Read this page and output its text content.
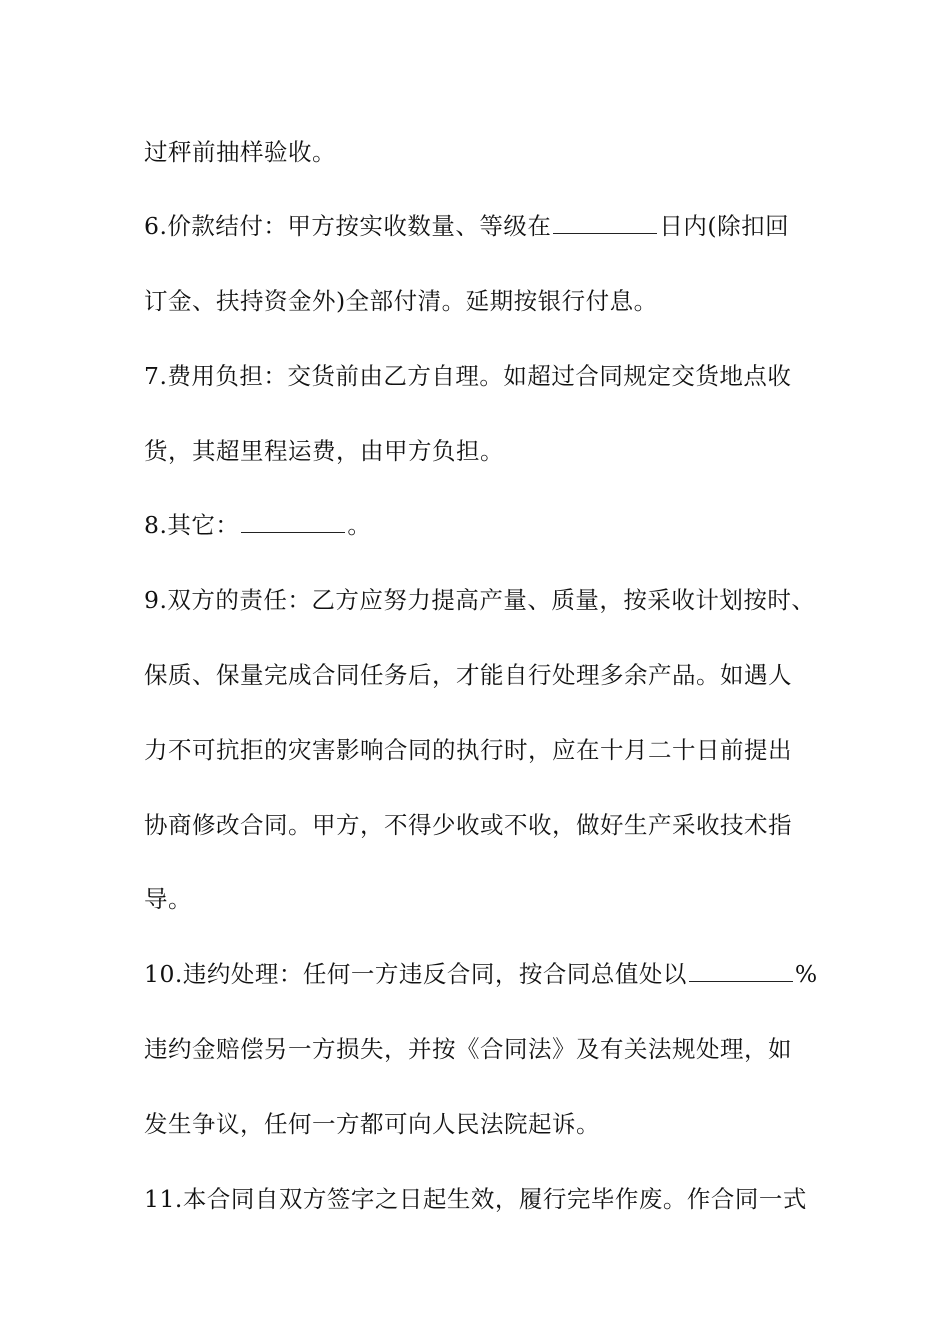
过秤前抽样验收。
6.价款结付：甲方按实收数量、等级在	日内(除扣回
订金、扶持资金外)全部付清。延期按银行付息。
7.费用负担：交货前由乙方自理。如超过合同规定交货地点收
货，其超里程运费，由甲方负担。
8.其它：	。
9.双方的责任：乙方应努力提高产量、质量，按采收计划按时、
保质、保量完成合同任务后，才能自行处理多余产品。如遇人
力不可抗拒的灾害影响合同的执行时，应在十月二十日前提出
协商修改合同。甲方，不得少收或不收，做好生产采收技术指
导。
10.违约处理：任何一方违反合同，按合同总值处以	%
违约金赔偿另一方损失，并按《合同法》及有关法规处理，如
发生争议，任何一方都可向人民法院起诉。
11.本合同自双方签字之日起生效，履行完毕作废。作合同一式
